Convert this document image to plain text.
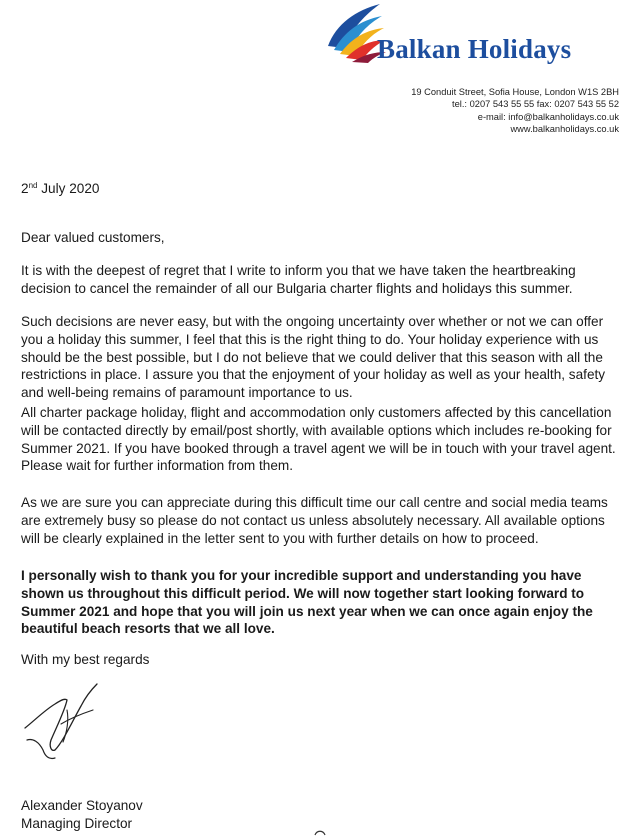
Balkan Holidays
19 Conduit Street, Sofia House, London W1S 2BH
tel.: 0207 543 55 55 fax: 0207 543 55 52
e-mail: info@balkanholidays.co.uk
www.balkanholidays.co.uk

2nd July 2020

Dear valued customers,

It is with the deepest of regret that I write to inform you that we have taken the heartbreaking decision to cancel the remainder of all our Bulgaria charter flights and holidays this summer.

Such decisions are never easy, but with the ongoing uncertainty over whether or not we can offer you a holiday this summer, I feel that this is the right thing to do. Your holiday experience with us should be the best possible, but I do not believe that we could deliver that this season with all the restrictions in place. I assure you that the enjoyment of your holiday as well as your health, safety and well-being remains of paramount importance to us.

All charter package holiday, flight and accommodation only customers affected by this cancellation will be contacted directly by email/post shortly, with available options which includes re-booking for Summer 2021. If you have booked through a travel agent we will be in touch with your travel agent. Please wait for further information from them.

As we are sure you can appreciate during this difficult time our call centre and social media teams are extremely busy so please do not contact us unless absolutely necessary. All available options will be clearly explained in the letter sent to you with further details on how to proceed.

I personally wish to thank you for your incredible support and understanding you have shown us throughout this difficult period. We will now together start looking forward to Summer 2021 and hope that you will join us next year when we can once again enjoy the beautiful beach resorts that we all love.

With my best regards

Alexander Stoyanov
Managing Director
